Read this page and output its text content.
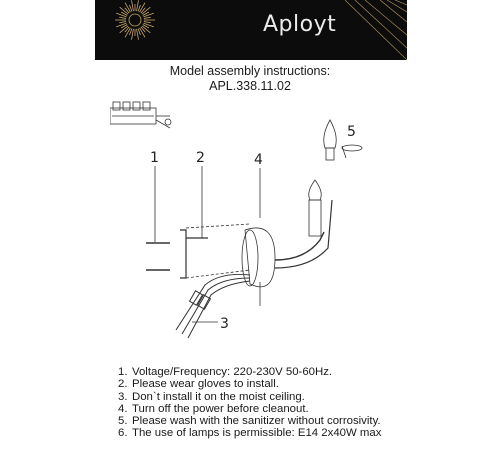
Aployt
Model assembly instructions:
APL.338.11.02
1	2	4
5
3
1. Voltage/Frequency: 220-230V 50-60Hz.
2. Please wear gloves to install.
3. Don`t install it on the moist ceiling.
4. Turn off the power before cleanout.
5. Please wash with the sanitizer without corrosivity.
6. The use of lamps is permissible: E14 2x40W max
